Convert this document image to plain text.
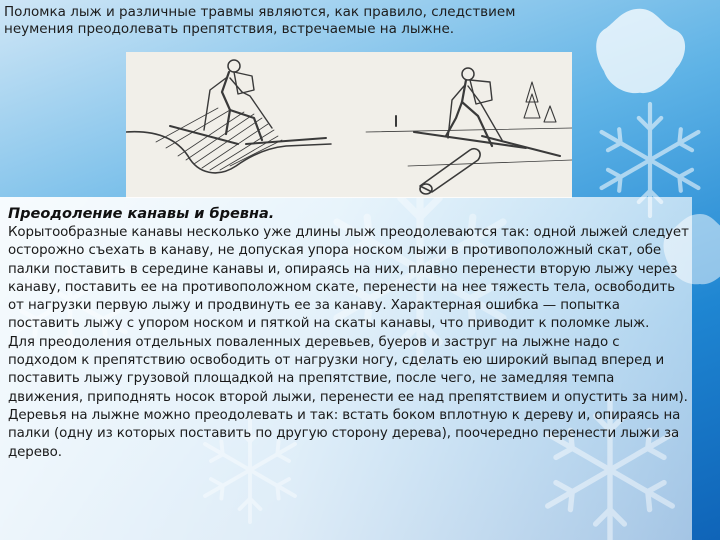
Поломка лыж и различные травмы являются, как правило, следствием неумения преодолевать препятствия, встречаемые на лыжне.

Преодоление канавы и бревна.

Корытообразные канавы несколько уже длины лыж преодолеваются так: одной лыжей следует осторожно съехать в канаву, не допуская упора носком лыжи в противоположный скат, обе палки поставить в середине канавы и, опираясь на них, плавно перенести вторую лыжу через канаву, поставить ее на противоположном скате, перенести на нее тяжесть тела, освободить от нагрузки первую лыжу и продвинуть ее за канаву. Характерная ошибка — попытка поставить лыжу с упором носком и пяткой на скаты канавы, что приводит к поломке лыж.
Для преодоления отдельных поваленных деревьев, буеров и заструг на лыжне надо с подходом к препятствию освободить от нагрузки ногу, сделать ею широкий выпад вперед и поставить лыжу грузовой площадкой на препятствие, после чего, не замедляя темпа движения, приподнять носок второй лыжи, перенести ее над препятствием и опустить за ним). Деревья на лыжне можно преодолевать и так: встать боком вплотную к дереву и, опираясь на палки (одну из которых поставить по другую сторону дерева), поочередно перенести лыжи за дерево.
